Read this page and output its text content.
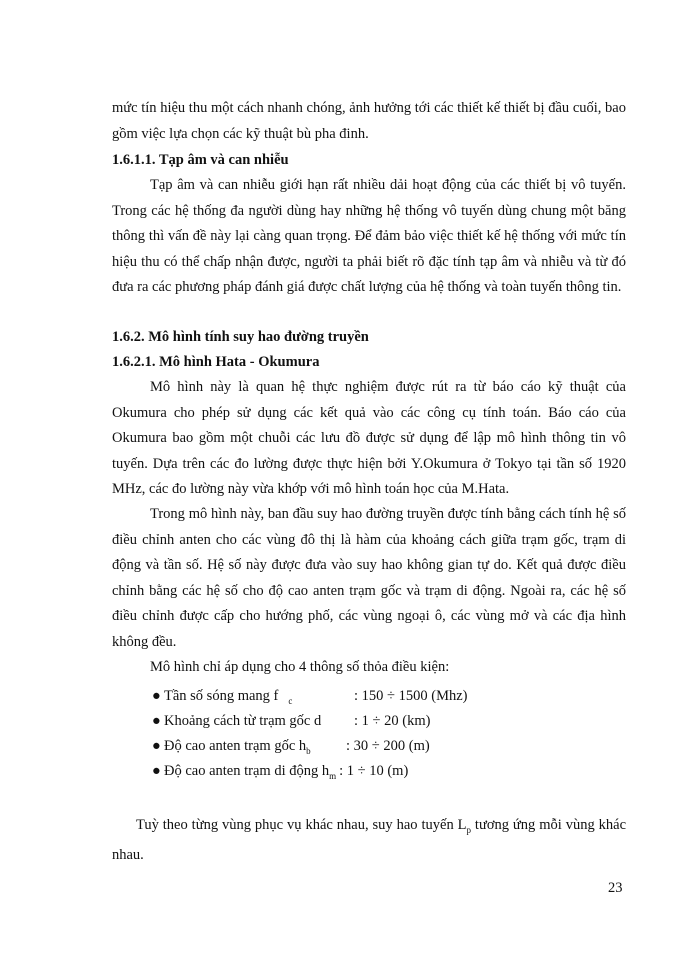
mức tín hiệu thu một cách nhanh chóng, ảnh hưởng tới các thiết kế thiết bị đầu cuối, bao gồm việc lựa chọn các kỹ thuật bù pha đinh.

1.6.1.1. Tạp âm và can nhiễu

Tạp âm và can nhiễu giới hạn rất nhiều dải hoạt động của các thiết bị vô tuyến. Trong các hệ thống đa người dùng hay những hệ thống vô tuyến dùng chung một băng thông thì vấn đề này lại càng quan trọng. Để đảm bảo việc thiết kế hệ thống với mức tín hiệu thu có thể chấp nhận được, người ta phải biết rõ đặc tính tạp âm và nhiễu và từ đó đưa ra các phương pháp đánh giá được chất lượng của hệ thống và toàn tuyến thông tin.

1.6.2. Mô hình tính suy hao đường truyền

1.6.2.1. Mô hình Hata - Okumura

Mô hình này là quan hệ thực nghiệm được rút ra từ báo cáo kỹ thuật của Okumura cho phép sử dụng các kết quả vào các công cụ tính toán. Báo cáo của Okumura bao gồm một chuỗi các lưu đồ được sử dụng để lập mô hình thông tin vô tuyến. Dựa trên các đo lường được thực hiện bởi Y.Okumura ở Tokyo tại tần số 1920 MHz, các đo lường này vừa khớp với mô hình toán học của M.Hata.

Trong mô hình này, ban đầu suy hao đường truyền được tính bằng cách tính hệ số điều chỉnh anten cho các vùng đô thị là hàm của khoảng cách giữa trạm gốc, trạm di động và tần số. Hệ số này được đưa vào suy hao không gian tự do. Kết quả được điều chỉnh bằng các hệ số cho độ cao anten trạm gốc và trạm di động. Ngoài ra, các hệ số điều chỉnh được cấp cho hướng phố, các vùng ngoại ô, các vùng mở và các địa hình không đều.

Mô hình chỉ áp dụng cho 4 thông số thỏa điều kiện:

● Tần số sóng mang f $_c$	: 150 ÷ 1500 (Mhz)
● Khoảng cách từ trạm gốc d : 1 ÷ 20 (km)
● Độ cao anten trạm gốc $h_b$ : 30 ÷ 200 (m)
● Độ cao anten trạm di động $h_m$ : 1 ÷ 10 (m)

Tuỳ theo từng vùng phục vụ khác nhau, suy hao tuyến $L_p$ tương ứng mỗi vùng khác nhau.

23
